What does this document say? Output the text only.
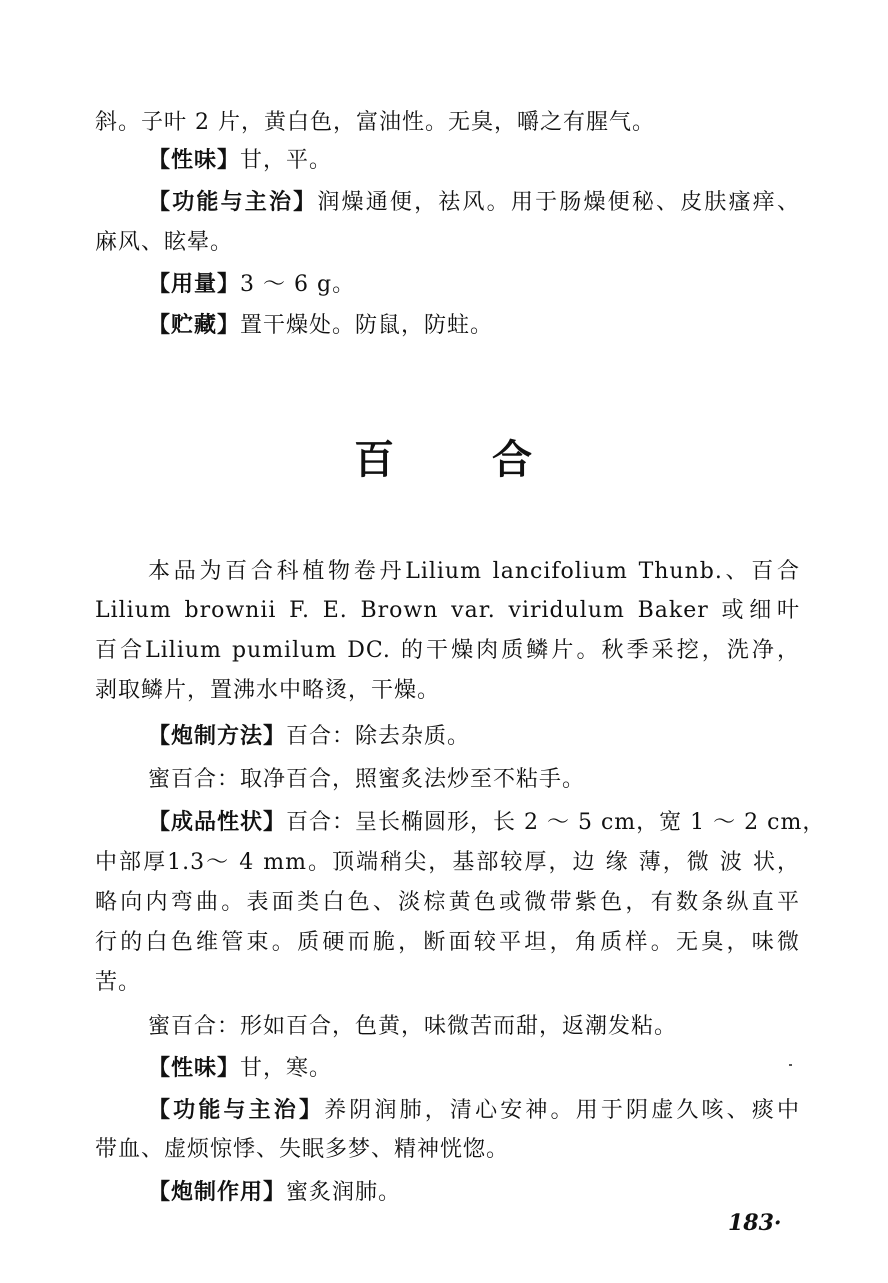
斜。子叶 2 片，黄白色，富油性。无臭，嚼之有腥气。
【性味】甘，平。
【功能与主治】润燥通便，祛风。用于肠燥便秘、皮肤瘙痒、
麻风、眩晕。
【用量】3 ～ 6 g。
【贮藏】置干燥处。防鼠，防蛀。
百 合
本品为百合科植物卷丹Lilium lancifolium Thunb.、百合
Lilium brownii F. E. Brown var. viridulum Baker 或细叶
百合Lilium pumilum DC. 的干燥肉质鳞片。秋季采挖，洗净，
剥取鳞片，置沸水中略烫，干燥。
【炮制方法】百合：除去杂质。
蜜百合：取净百合，照蜜炙法炒至不粘手。
【成品性状】百合：呈长椭圆形，长 2 ～ 5 cm，宽 1 ～ 2 cm，
中部厚1.3～ 4 mm。顶端稍尖，基部较厚，边 缘 薄，微 波 状，
略向内弯曲。表面类白色、淡棕黄色或微带紫色，有数条纵直平
行的白色维管束。质硬而脆，断面较平坦，角质样。无臭，味微
苦。
蜜百合：形如百合，色黄，味微苦而甜，返潮发粘。
【性味】甘，寒。
【功能与主治】养阴润肺，清心安神。用于阴虚久咳、痰中
带血、虚烦惊悸、失眠多梦、精神恍惚。
【炮制作用】蜜炙润肺。
183·
